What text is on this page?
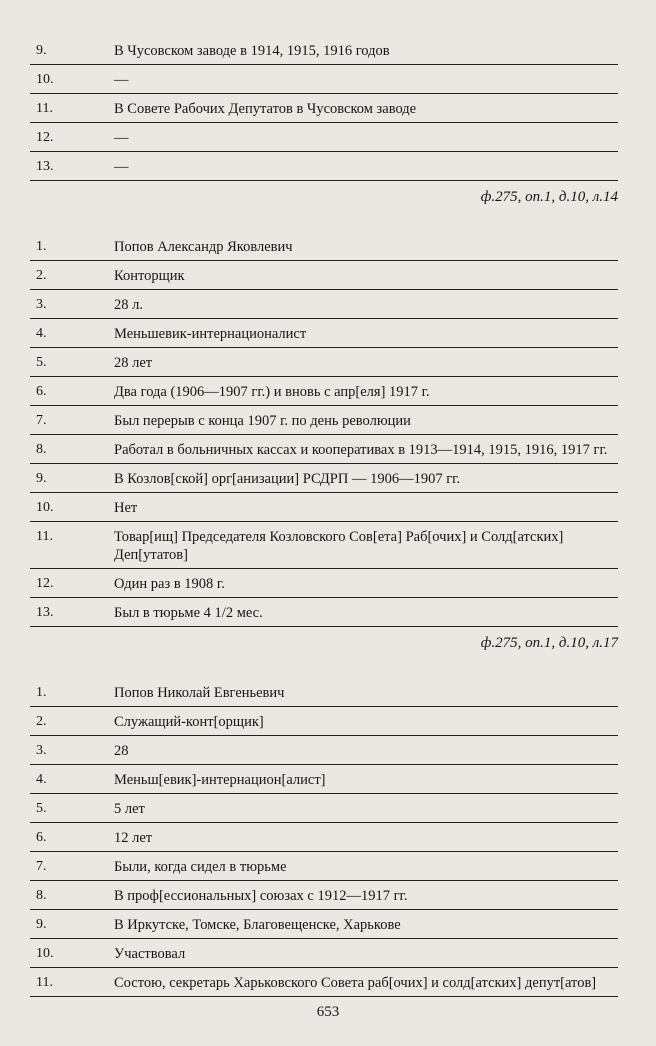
9.	В Чусовском заводе в 1914, 1915, 1916 годов
10.	—
11.	В Совете Рабочих Депутатов в Чусовском заводе
12.	—
13.	—
ф.275, оп.1, д.10, л.14
1.	Попов Александр Яковлевич
2.	Конторщик
3.	28 л.
4.	Меньшевик-интернационалист
5.	28 лет
6.	Два года (1906—1907 гг.) и вновь с апр[еля] 1917 г.
7.	Был перерыв с конца 1907 г. по день революции
8.	Работал в больничных кассах и кооперативах в 1913—1914, 1915, 1916, 1917 гг.
9.	В Козлов[ской] орг[анизации] РСДРП — 1906—1907 гг.
10.	Нет
11.	Товар[ищ] Председателя Козловского Сов[ета] Раб[очих] и Солд[атских] Деп[утатов]
12.	Один раз в 1908 г.
13.	Был в тюрьме 4 1/2 мес.
ф.275, оп.1, д.10, л.17
1.	Попов Николай Евгеньевич
2.	Служащий-конт[орщик]
3.	28
4.	Меньш[евик]-интернацион[алист]
5.	5 лет
6.	12 лет
7.	Были, когда сидел в тюрьме
8.	В проф[ессиональных] союзах с 1912—1917 гг.
9.	В Иркутске, Томске, Благовещенске, Харькове
10.	Участвовал
11.	Состою, секретарь Харьковского Совета раб[очих] и солд[атских] депут[атов]
653
